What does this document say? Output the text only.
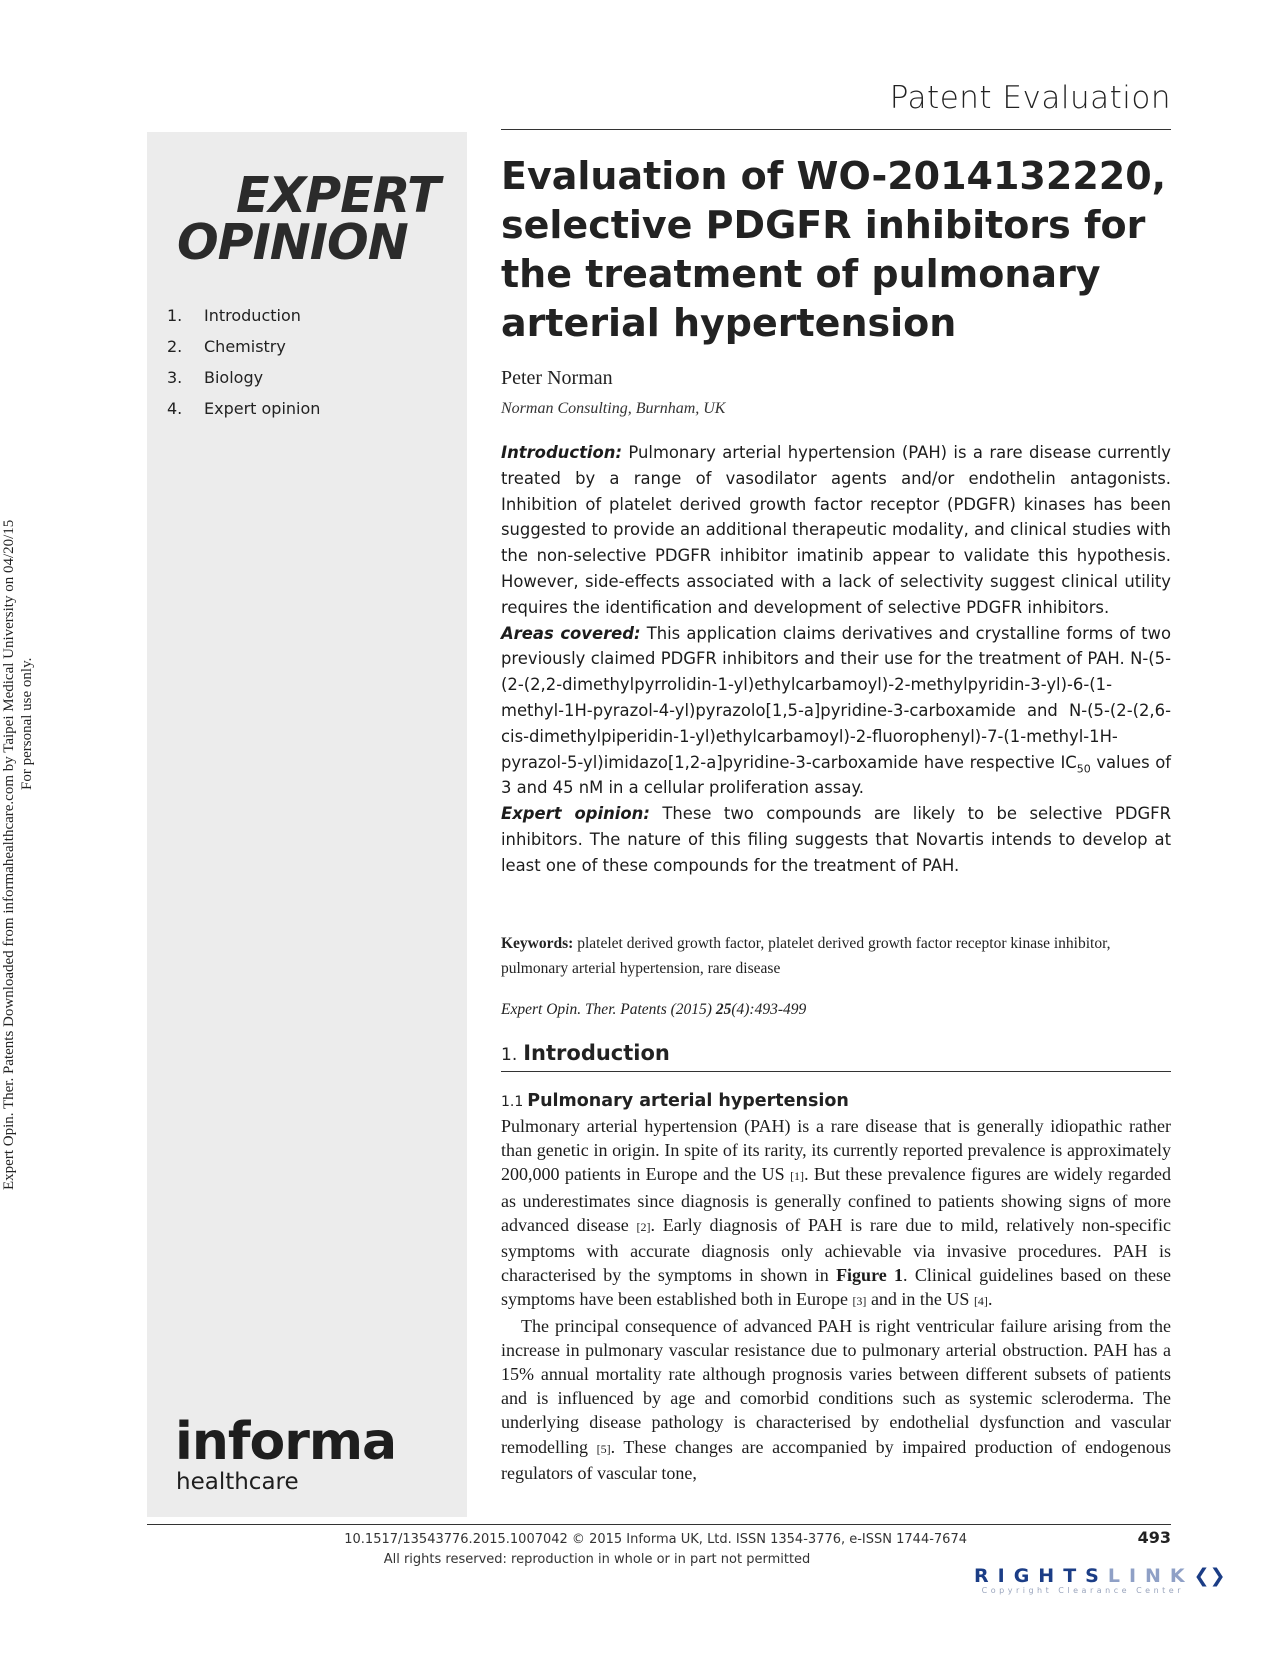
Expert Opin. Ther. Patents Downloaded from informahealthcare.com by Taipei Medical University on 04/20/15 For personal use only.
Patent Evaluation
EXPERT
OPINION
1.	Introduction
2.	Chemistry
3.	Biology
4.	Expert opinion
informa
healthcare
Evaluation of WO-2014132220, selective PDGFR inhibitors for the treatment of pulmonary arterial hypertension
Peter Norman
Norman Consulting, Burnham, UK

Introduction: Pulmonary arterial hypertension (PAH) is a rare disease currently treated by a range of vasodilator agents and/or endothelin antagonists. Inhibition of platelet derived growth factor receptor (PDGFR) kinases has been suggested to provide an additional therapeutic modality, and clinical studies with the non-selective PDGFR inhibitor imatinib appear to validate this hypothesis. However, side-effects associated with a lack of selectivity suggest clinical utility requires the identification and development of selective PDGFR inhibitors.

Areas covered: This application claims derivatives and crystalline forms of two previously claimed PDGFR inhibitors and their use for the treatment of PAH. N-(5-(2-(2,2-dimethylpyrrolidin-1-yl)ethylcarbamoyl)-2-methylpyridin-3-yl)-6-(1-methyl-1H-pyrazol-4-yl)pyrazolo[1,5-a]pyridine-3-carboxamide and N-(5-(2-(2,6-cis-dimethylpiperidin-1-yl)ethylcarbamoyl)-2-fluorophenyl)-7-(1-methyl-1H-pyrazol-5-yl)imidazo[1,2-a]pyridine-3-carboxamide have respective $IC_{50}$ values of 3 and 45 nM in a cellular proliferation assay.

Expert opinion: These two compounds are likely to be selective PDGFR inhibitors. The nature of this filing suggests that Novartis intends to develop at least one of these compounds for the treatment of PAH.

Keywords: platelet derived growth factor, platelet derived growth factor receptor kinase inhibitor, pulmonary arterial hypertension, rare disease
Expert Opin. Ther. Patents (2015) 25(4):493-499
1. Introduction
1.1 Pulmonary arterial hypertension

Pulmonary arterial hypertension (PAH) is a rare disease that is generally idiopathic rather than genetic in origin. In spite of its rarity, its currently reported prevalence is approximately 200,000 patients in Europe and the US [1]. But these prevalence figures are widely regarded as underestimates since diagnosis is generally confined to patients showing signs of more advanced disease [2]. Early diagnosis of PAH is rare due to mild, relatively non-specific symptoms with accurate diagnosis only achievable via invasive procedures. PAH is characterised by the symptoms in shown in Figure 1. Clinical guidelines based on these symptoms have been established both in Europe [3] and in the US [4].

The principal consequence of advanced PAH is right ventricular failure arising from the increase in pulmonary vascular resistance due to pulmonary arterial obstruction. PAH has a 15% annual mortality rate although prognosis varies between different subsets of patients and is influenced by age and comorbid conditions such as systemic scleroderma. The underlying disease pathology is characterised by endothelial dysfunction and vascular remodelling [5]. These changes are accompanied by impaired production of endogenous regulators of vascular tone,

10.1517/13543776.2015.1007042 © 2015 Informa UK, Ltd. ISSN 1354-3776, e-ISSN 1744-7674
All rights reserved: reproduction in whole or in part not permitted
493
RIGHTSLINK❮❯
Copyright Clearance Center
